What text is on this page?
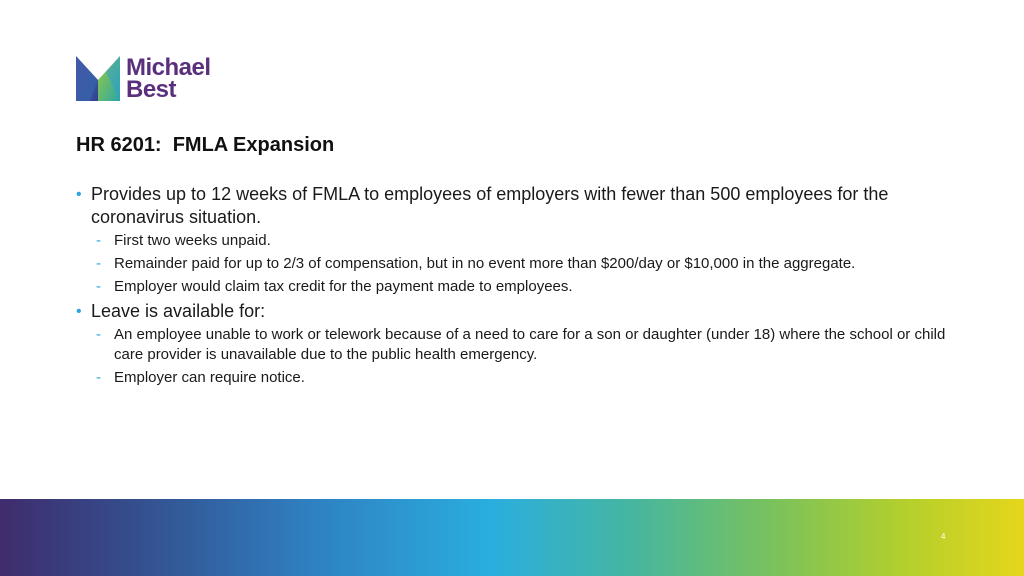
Michael
Best
HR 6201:  FMLA Expansion
• Provides up to 12 weeks of FMLA to employees of employers with fewer than 500 employees for the coronavirus situation.
- First two weeks unpaid.
- Remainder paid for up to 2/3 of compensation, but in no event more than $200/day or $10,000 in the aggregate.
- Employer would claim tax credit for the payment made to employees.
• Leave is available for:
- An employee unable to work or telework because of a need to care for a son or daughter (under 18) where the school or child care provider is unavailable due to the public health emergency.
- Employer can require notice.
4
